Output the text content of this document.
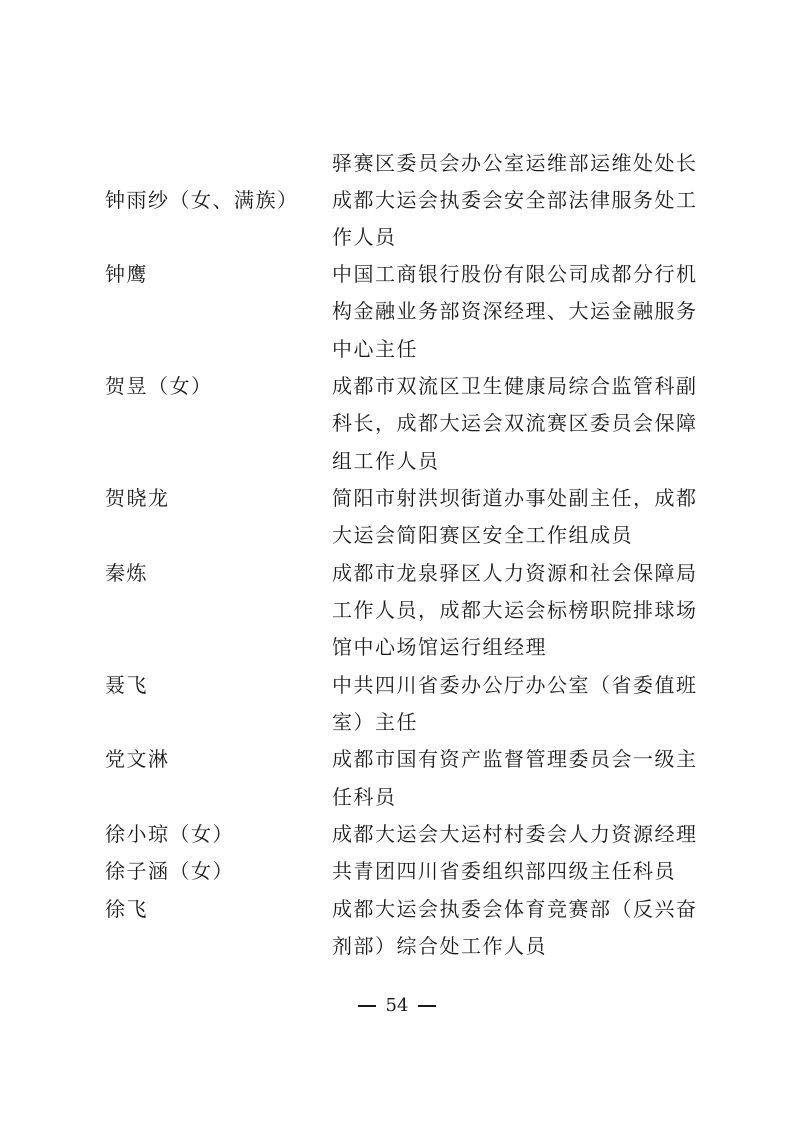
驿赛区委员会办公室运维部运维处处长
钟雨纱（女、满族） 成都大运会执委会安全部法律服务处工
作人员
钟鹰	中国工商银行股份有限公司成都分行机
构金融业务部资深经理、大运金融服务
中心主任
贺昱（女）	成都市双流区卫生健康局综合监管科副
科长，成都大运会双流赛区委员会保障
组工作人员
贺晓龙	简阳市射洪坝街道办事处副主任，成都
大运会简阳赛区安全工作组成员
秦炼	成都市龙泉驿区人力资源和社会保障局
工作人员，成都大运会标榜职院排球场
馆中心场馆运行组经理
聂飞	中共四川省委办公厅办公室（省委值班
室）主任
党文淋	成都市国有资产监督管理委员会一级主
任科员
徐小琼（女）	成都大运会大运村村委会人力资源经理
徐子涵（女）	共青团四川省委组织部四级主任科员
徐飞	成都大运会执委会体育竞赛部（反兴奋
剂部）综合处工作人员
54
